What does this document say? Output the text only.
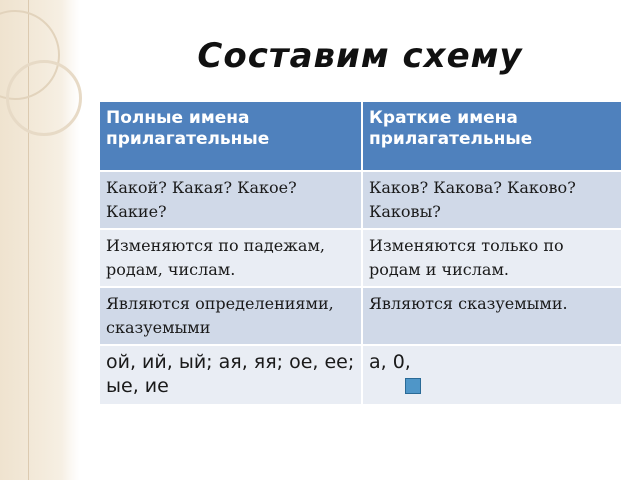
Составим схему
Полные имена прилагательные	Краткие имена прилагательные
Какой? Какая? Какое? Какие?	Каков? Какова? Каково? Каковы?
Изменяются по падежам, родам, числам.	Изменяются только по родам и числам.
Являются определениями, сказуемыми	Являются сказуемыми.
ой, ий, ый; ая, яя; ое, ее; ые, ие	а, 0,
